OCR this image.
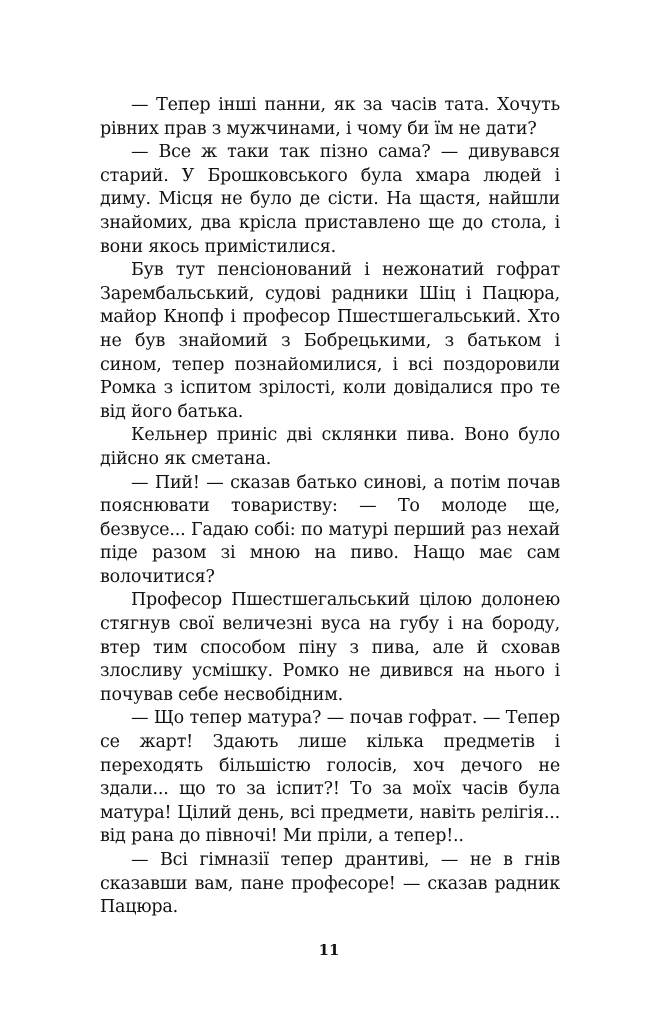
— Тепер інші панни, як за часів тата. Хочуть рівних прав з мужчинами, і чому би їм не дати?

— Все ж таки так пізно сама? — дивувався старий. У Брошковського була хмара людей і диму. Місця не було де сісти. На щастя, найшли знайомих, два крісла приставлено ще до стола, і вони якось примістилися.

Був тут пенсіонований і нежонатий гофрат Зарембальський, судові радники Шіц і Пацюра, майор Кнопф і професор Пшестшегальський. Хто не був знайомий з Бобрецькими, з батьком і сином, тепер познайомилися, і всі поздоровили Ромка з іспитом зрілості, коли довідалися про те від його батька.

Кельнер приніс дві склянки пива. Воно було дійсно як сметана.

— Пий! — сказав батько синові, а потім почав пояснювати товариству: — То молоде ще, безвусе... Гадаю собі: по матурі перший раз нехай піде разом зі мною на пиво. Нащо має сам волочитися?

Професор Пшестшегальський цілою долонею стягнув свої величезні вуса на губу і на бороду, втер тим способом піну з пива, але й сховав злосливу усмішку. Ромко не дивився на нього і почував себе несвобідним.

— Що тепер матура? — почав гофрат. — Тепер се жарт! Здають лише кілька предметів і переходять більшістю голосів, хоч дечого не здали... що то за іспит?! То за моїх часів була матура! Цілий день, всі предмети, навіть релігія... від рана до півночі! Ми пріли, а тепер!..

— Всі гімназії тепер дрантиві, — не в гнів сказавши вам, пане професоре! — сказав радник Пацюра.

11
